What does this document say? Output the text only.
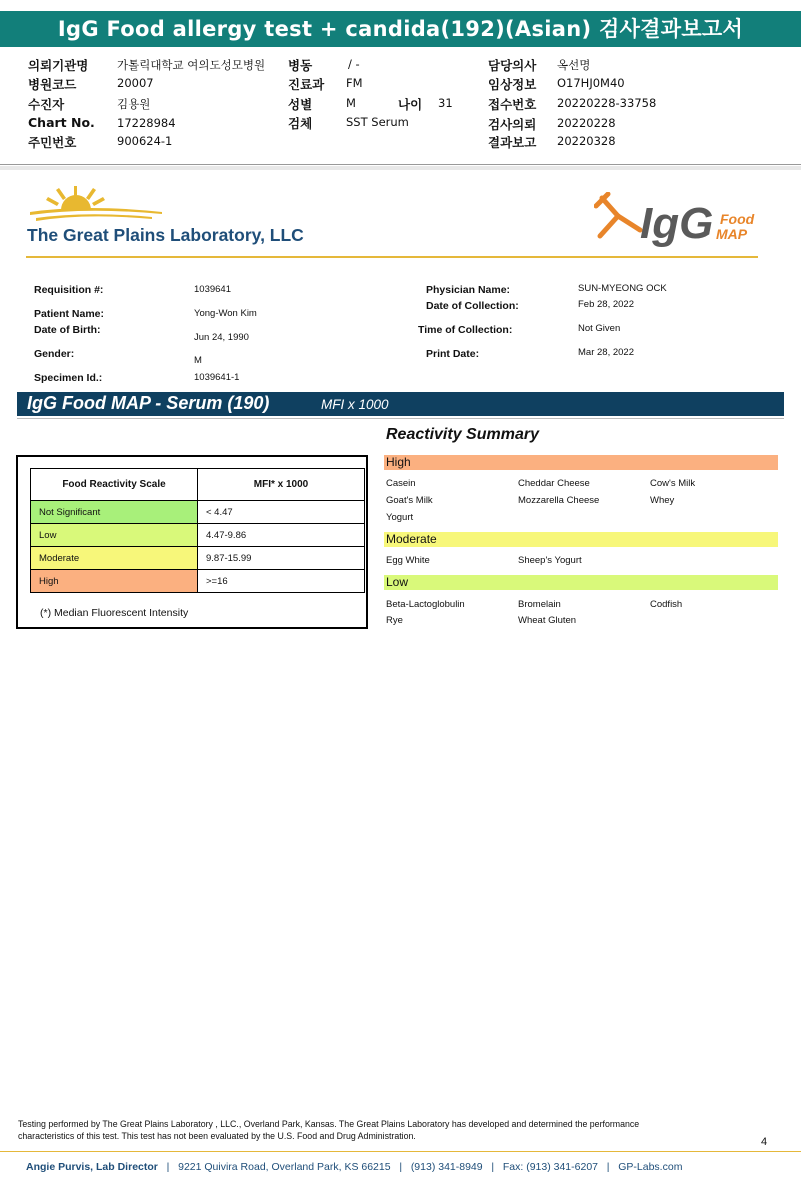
IgG Food allergy test + candida(192)(Asian) 검사결과보고서
의뢰기관명 가톨릭대학교 여의도성모병원
병원코드	20007
수진자	김용원
Chart No. 17228984
주민번호	900624-1
병동	/ -
진료과 FM
성별	M	나이 31
검체	SST Serum
담당의사 옥선명
임상정보 O17HJ0M40
접수번호 20220228-33758
검사의뢰 20220228
결과보고 20220328
The Great Plains Laboratory, LLC	IgG Food
MAP
Requisition #:	1039641
Patient Name:	Yong-Won Kim
Date of Birth:
Jun 24, 1990
Gender:
M
Specimen Id.:	1039641-1
Physician Name:	SUN-MYEONG OCK
Date of Collection:	Feb 28, 2022
Time of Collection:	Not Given
Print Date:	Mar 28, 2022
IgG Food MAP - Serum (190)	MFI x 1000
Food Reactivity Scale	MFI* x 1000
Not Significant	< 4.47
Low	4.47-9.86
Moderate	9.87-15.99
High	>=16
(*) Median Fluorescent Intensity
Reactivity Summary
High
Casein	Cheddar Cheese	Cow's Milk
Goat's Milk	Mozzarella Cheese	Whey
Yogurt
Moderate
Egg White	Sheep's Yogurt
Low
Beta-Lactoglobulin	Bromelain	Codfish
Rye	Wheat Gluten
Testing performed by The Great Plains Laboratory , LLC., Overland Park, Kansas. The Great Plains Laboratory has developed and determined the performance
characteristics of this test. This test has not been evaluated by the U.S. Food and Drug Administration.	4
Angie Purvis, Lab Director   |   9221 Quivira Road, Overland Park, KS 66215   |   (913) 341-8949   |   Fax: (913) 341-6207   |   GP-Labs.com
